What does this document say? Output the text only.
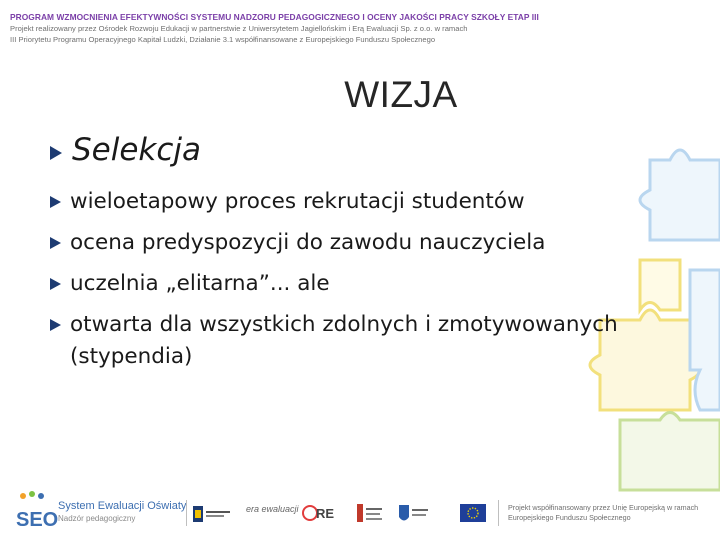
PROGRAM WZMOCNIENIA EFEKTYWNOŚCI SYSTEMU NADZORU PEDAGOGICZNEGO I OCENY JAKOŚCI PRACY SZKOŁY ETAP III
Projekt realizowany przez Ośrodek Rozwoju Edukacji w partnerstwie z Uniwersytetem Jagiellońskim i Erą Ewaluacji Sp. z o.o. w ramach
III Priorytetu Programu Operacyjnego Kapitał Ludzki, Działanie 3.1 współfinansowane z Europejskiego Funduszu Społecznego
WIZJA
Selekcja
wieloetapowy proces rekrutacji studentów
ocena predyspozycji do zawodu nauczyciela
uczelnia „elitarna”... ale
otwarta dla wszystkich zdolnych i zmotywowanych (stypendia)
SEO
System Ewaluacji Oświaty
Nadzór pedagogiczny
era ewaluacji RE	Projekt współfinansowany przez Unię Europejską w ramach Europejskiego Funduszu Społecznego
